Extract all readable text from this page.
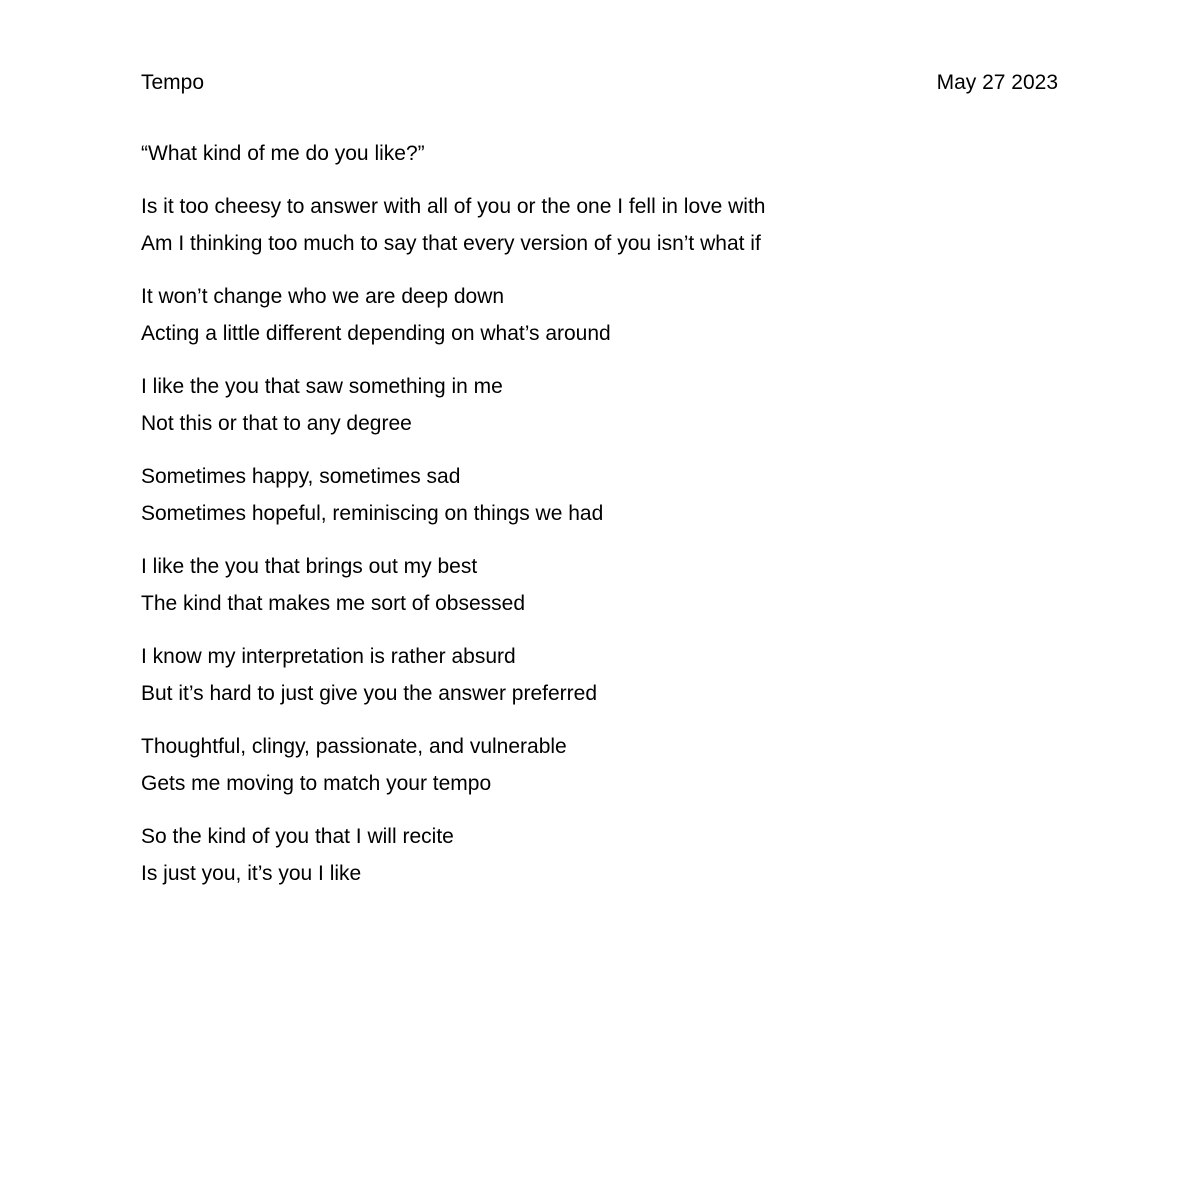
Tempo	May 27 2023
“What kind of me do you like?”
Is it too cheesy to answer with all of you or the one I fell in love with
Am I thinking too much to say that every version of you isn’t what if
It won’t change who we are deep down
Acting a little different depending on what’s around
I like the you that saw something in me
Not this or that to any degree
Sometimes happy, sometimes sad
Sometimes hopeful, reminiscing on things we had
I like the you that brings out my best
The kind that makes me sort of obsessed
I know my interpretation is rather absurd
But it’s hard to just give you the answer preferred
Thoughtful, clingy, passionate, and vulnerable
Gets me moving to match your tempo
So the kind of you that I will recite
Is just you, it’s you I like
